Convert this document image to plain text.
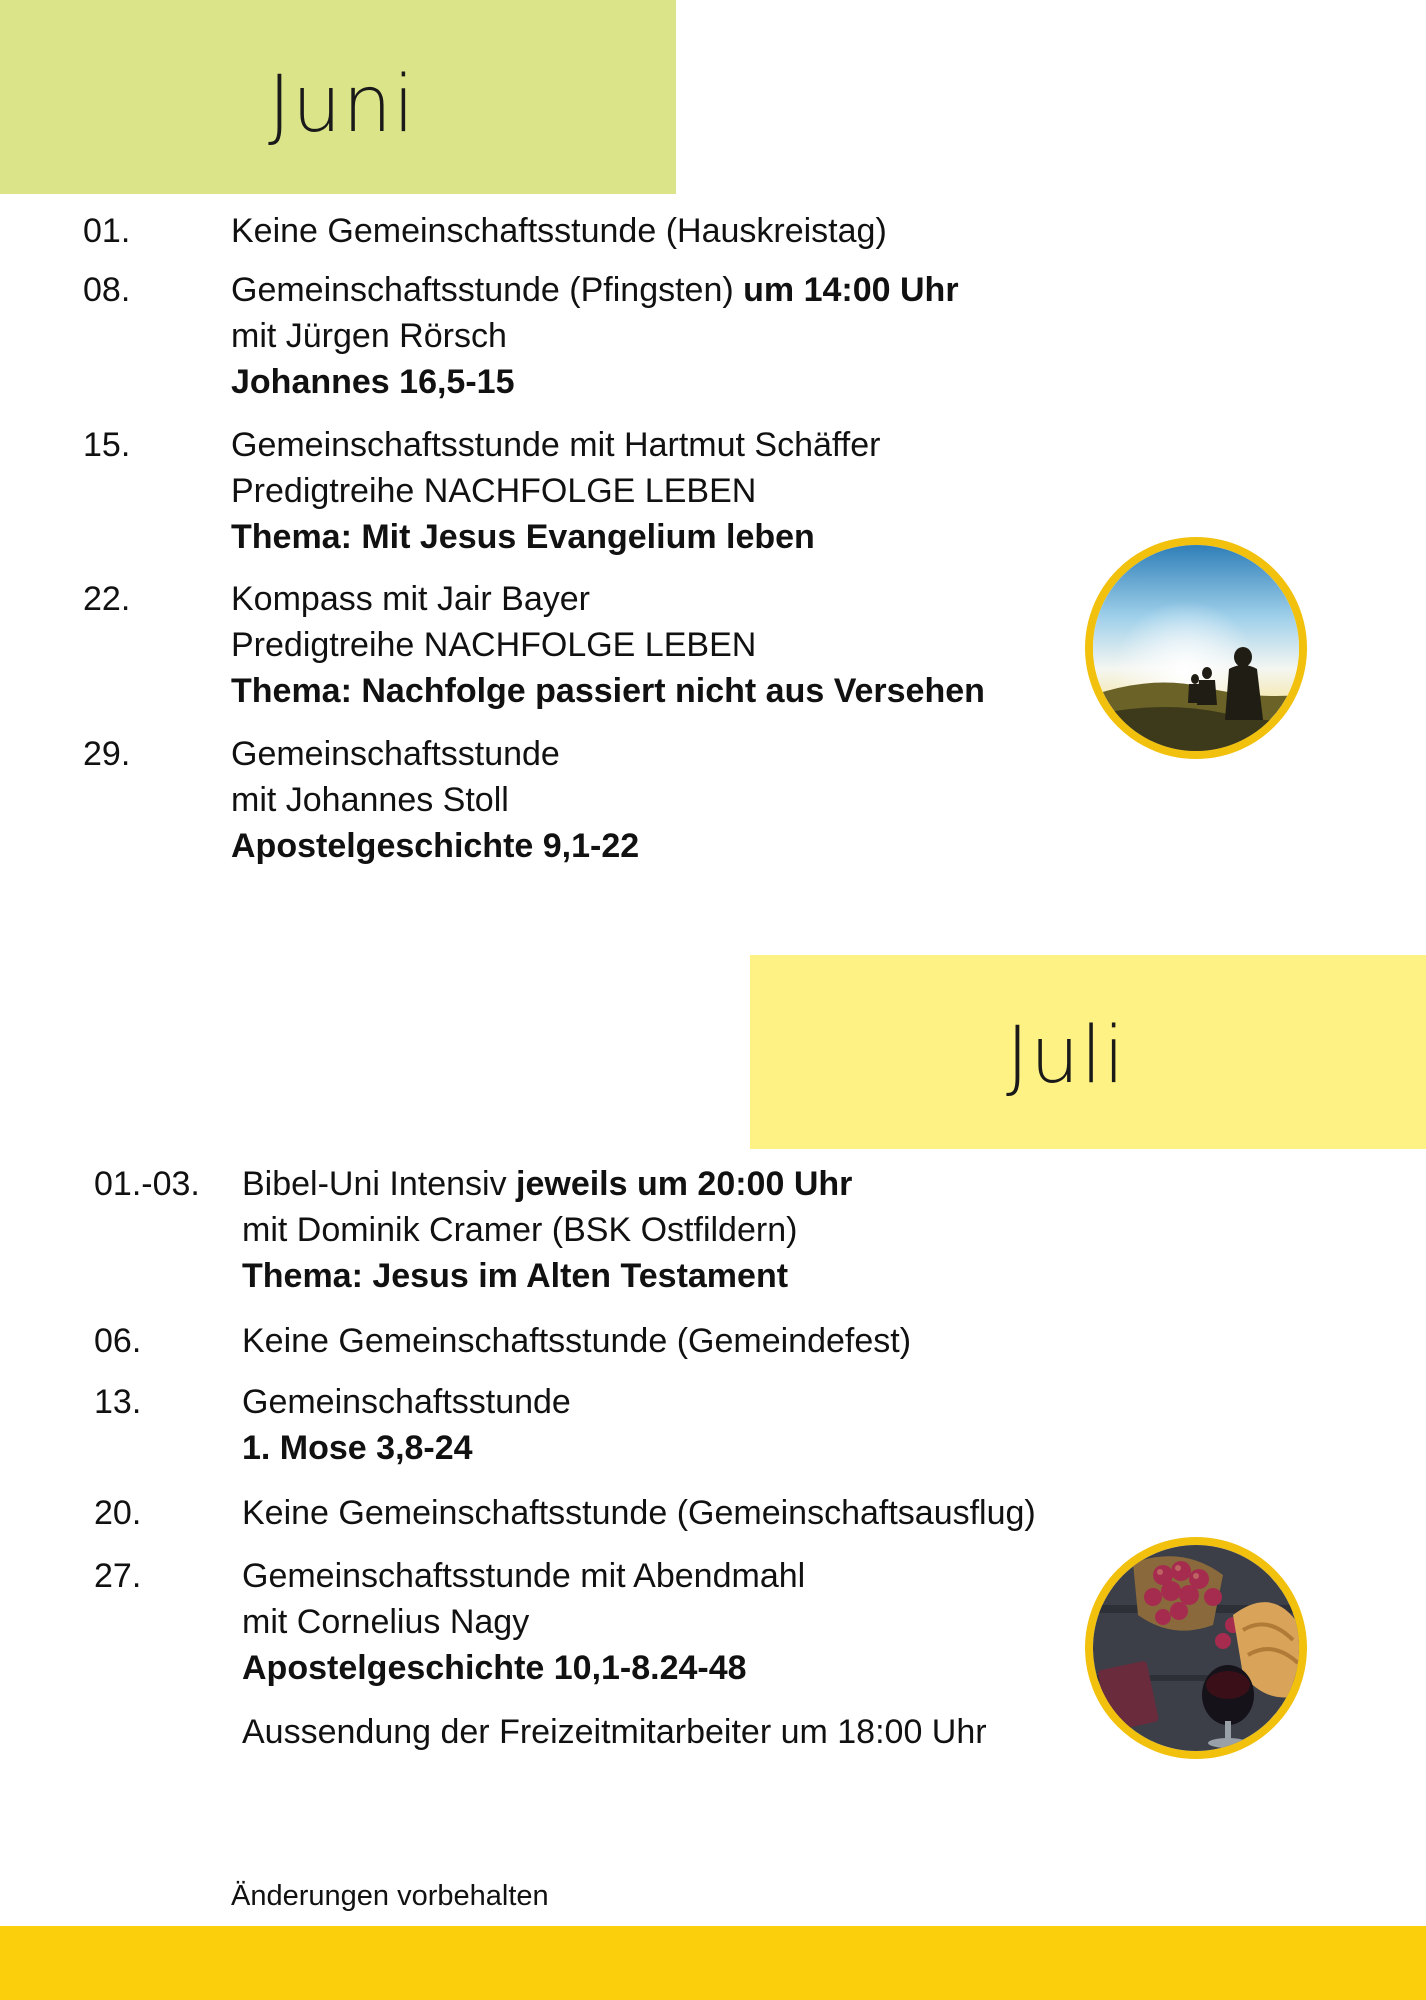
Juni
01.	Keine Gemeinschaftsstunde (Hauskreistag)
08.	Gemeinschaftsstunde (Pfingsten) um 14:00 Uhr
mit Jürgen Rörsch
Johannes 16,5-15
15.	Gemeinschaftsstunde mit Hartmut Schäffer
Predigtreihe NACHFOLGE LEBEN
Thema: Mit Jesus Evangelium leben
22.	Kompass mit Jair Bayer
Predigtreihe NACHFOLGE LEBEN
Thema: Nachfolge passiert nicht aus Versehen
29.	Gemeinschaftsstunde
mit Johannes Stoll
Apostelgeschichte 9,1-22
Juli
01.-03. Bibel-Uni Intensiv jeweils um 20:00 Uhr
mit Dominik Cramer (BSK Ostfildern)
Thema: Jesus im Alten Testament
06.	Keine Gemeinschaftsstunde (Gemeindefest)
13.	Gemeinschaftsstunde
1. Mose 3,8-24
20.	Keine Gemeinschaftsstunde (Gemeinschaftsausflug)
27.	Gemeinschaftsstunde mit Abendmahl
mit Cornelius Nagy
Apostelgeschichte 10,1-8.24-48
Aussendung der Freizeitmitarbeiter um 18:00 Uhr
Änderungen vorbehalten
